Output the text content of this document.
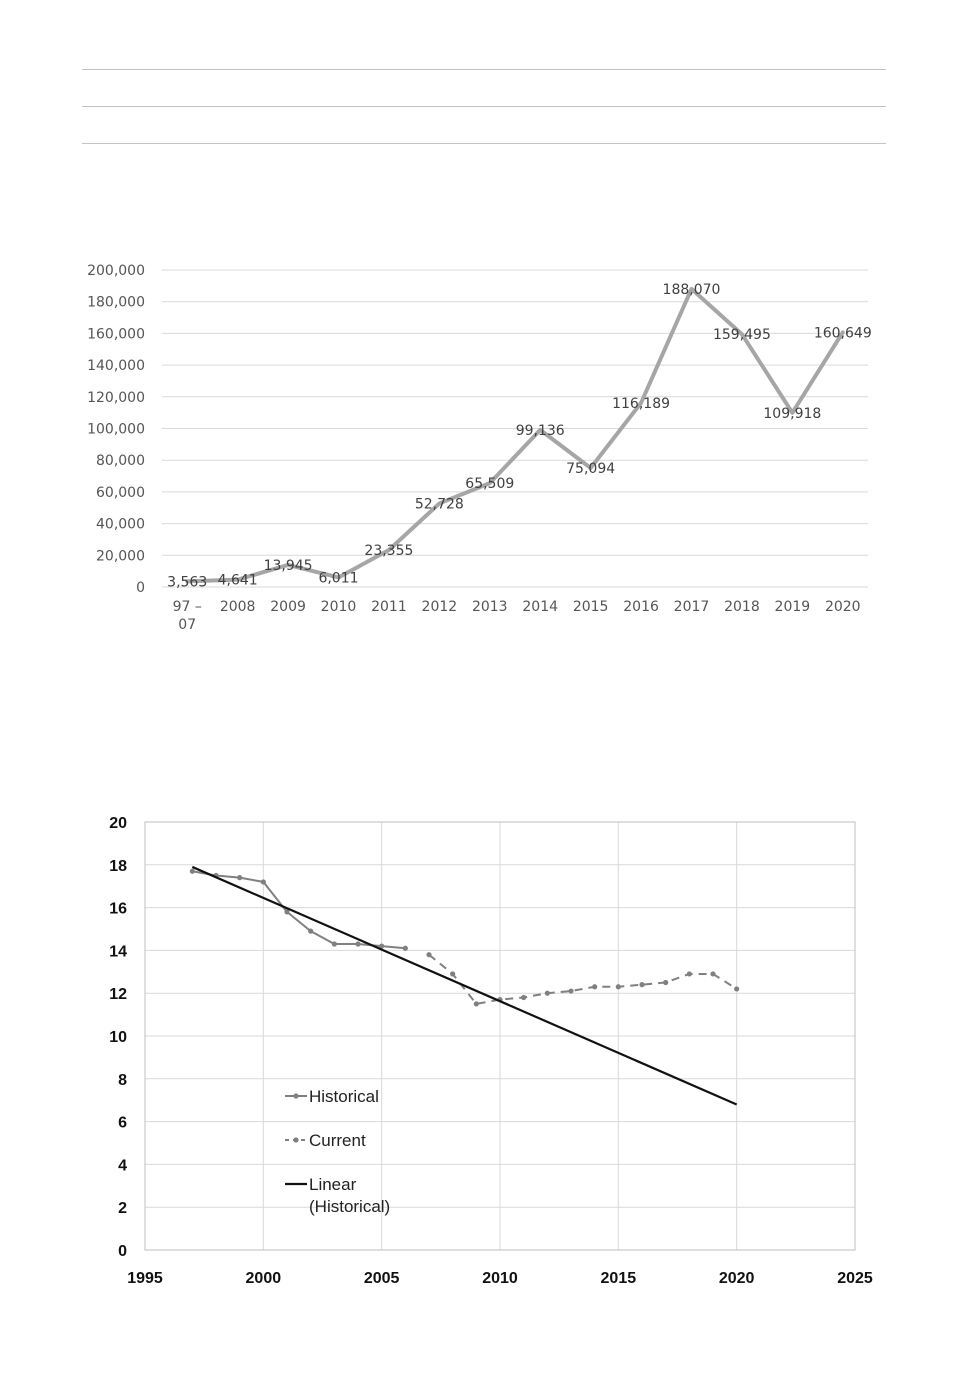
0
20,000
40,000
60,000
80,000
100,000
120,000
140,000
160,000
180,000
200,000
97 – 07
2008 2009 2010 2011 2012 2013 2014 2015 2016 2017 2018 2019 2020
3,563 4,641
13,945
6,011
23,355
52,728
65,509
99,136
75,094
116,189
188,070
159,495
109,918
160,649
0
2
4
6
8
10
12
14
16
18
20
1995	2000	2005	2010	2015	2020	2025
Historical
Current
Linear (Historical)
